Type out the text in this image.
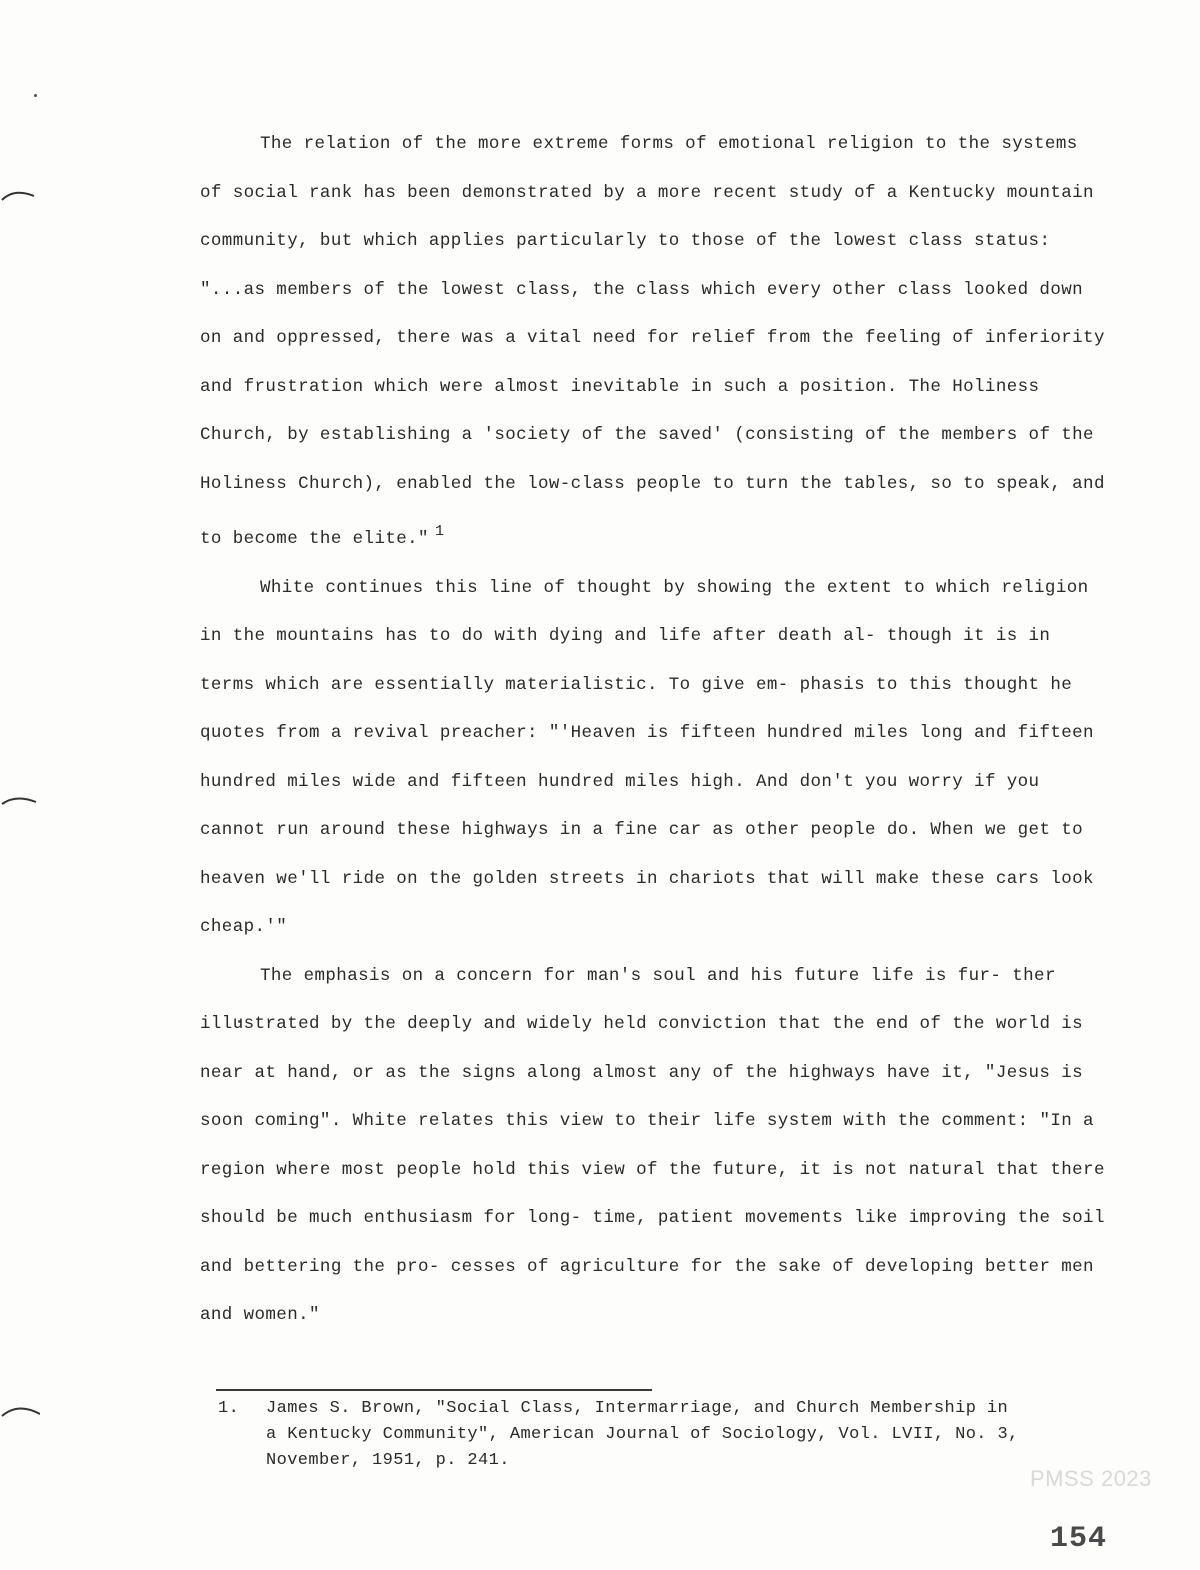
The relation of the more extreme forms of emotional religion to the systems of social rank has been demonstrated by a more recent study of a Kentucky mountain community, but which applies particularly to those of the lowest class status: "...as members of the lowest class, the class which every other class looked down on and oppressed, there was a vital need for relief from the feeling of inferiority and frustration which were almost inevitable in such a position. The Holiness Church, by establishing a 'society of the saved' (consisting of the members of the Holiness Church), enabled the low-class people to turn the tables, so to speak, and to become the elite." 1

White continues this line of thought by showing the extent to which religion in the mountains has to do with dying and life after death al- though it is in terms which are essentially materialistic. To give em- phasis to this thought he quotes from a revival preacher: "'Heaven is fifteen hundred miles long and fifteen hundred miles wide and fifteen hundred miles high. And don't you worry if you cannot run around these highways in a fine car as other people do. When we get to heaven we'll ride on the golden streets in chariots that will make these cars look cheap.'"

The emphasis on a concern for man's soul and his future life is fur- ther illustrated by the deeply and widely held conviction that the end of the world is near at hand, or as the signs along almost any of the highways have it, "Jesus is soon coming". White relates this view to their life system with the comment: "In a region where most people hold this view of the future, it is not natural that there should be much enthusiasm for long- time, patient movements like improving the soil and bettering the pro- cesses of agriculture for the sake of developing better men and women."

1.	James S. Brown, "Social Class, Intermarriage, and Church Membership in
a Kentucky Community", American Journal of Sociology, Vol. LVII, No. 3,
November, 1951, p. 241.
PMSS 2023
154
